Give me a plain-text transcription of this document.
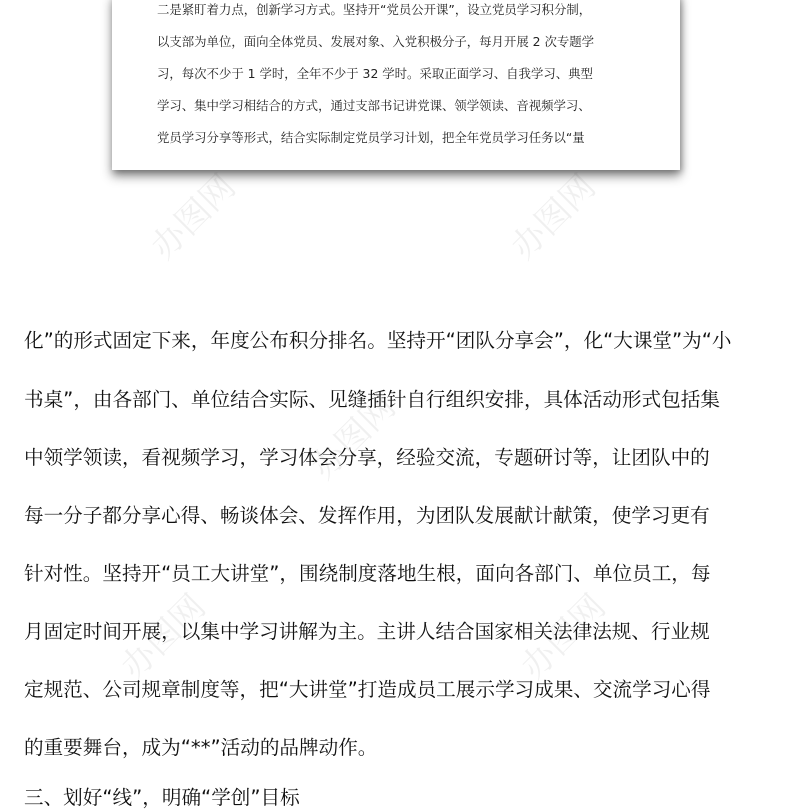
二是紧盯着力点，创新学习方式。坚持开“党员公开课”，设立党员学习积分制，
以支部为单位，面向全体党员、发展对象、入党积极分子，每月开展 2 次专题学
习，每次不少于 1 学时，全年不少于 32 学时。采取正面学习、自我学习、典型
学习、集中学习相结合的方式，通过支部书记讲党课、领学领读、音视频学习、
党员学习分享等形式，结合实际制定党员学习计划，把全年党员学习任务以“量
化”的形式固定下来，年度公布积分排名。坚持开“团队分享会”，化“大课堂”为“小
书桌”，由各部门、单位结合实际、见缝插针自行组织安排，具体活动形式包括集
中领学领读，看视频学习，学习体会分享，经验交流，专题研讨等，让团队中的
每一分子都分享心得、畅谈体会、发挥作用，为团队发展献计献策，使学习更有
针对性。坚持开“员工大讲堂”，围绕制度落地生根，面向各部门、单位员工，每
月固定时间开展，以集中学习讲解为主。主讲人结合国家相关法律法规、行业规
定规范、公司规章制度等，把“大讲堂”打造成员工展示学习成果、交流学习心得
的重要舞台，成为“**”活动的品牌动作。
三、划好“线”，明确“学创”目标
办图网	办图网
办图网
办图网	办图网
